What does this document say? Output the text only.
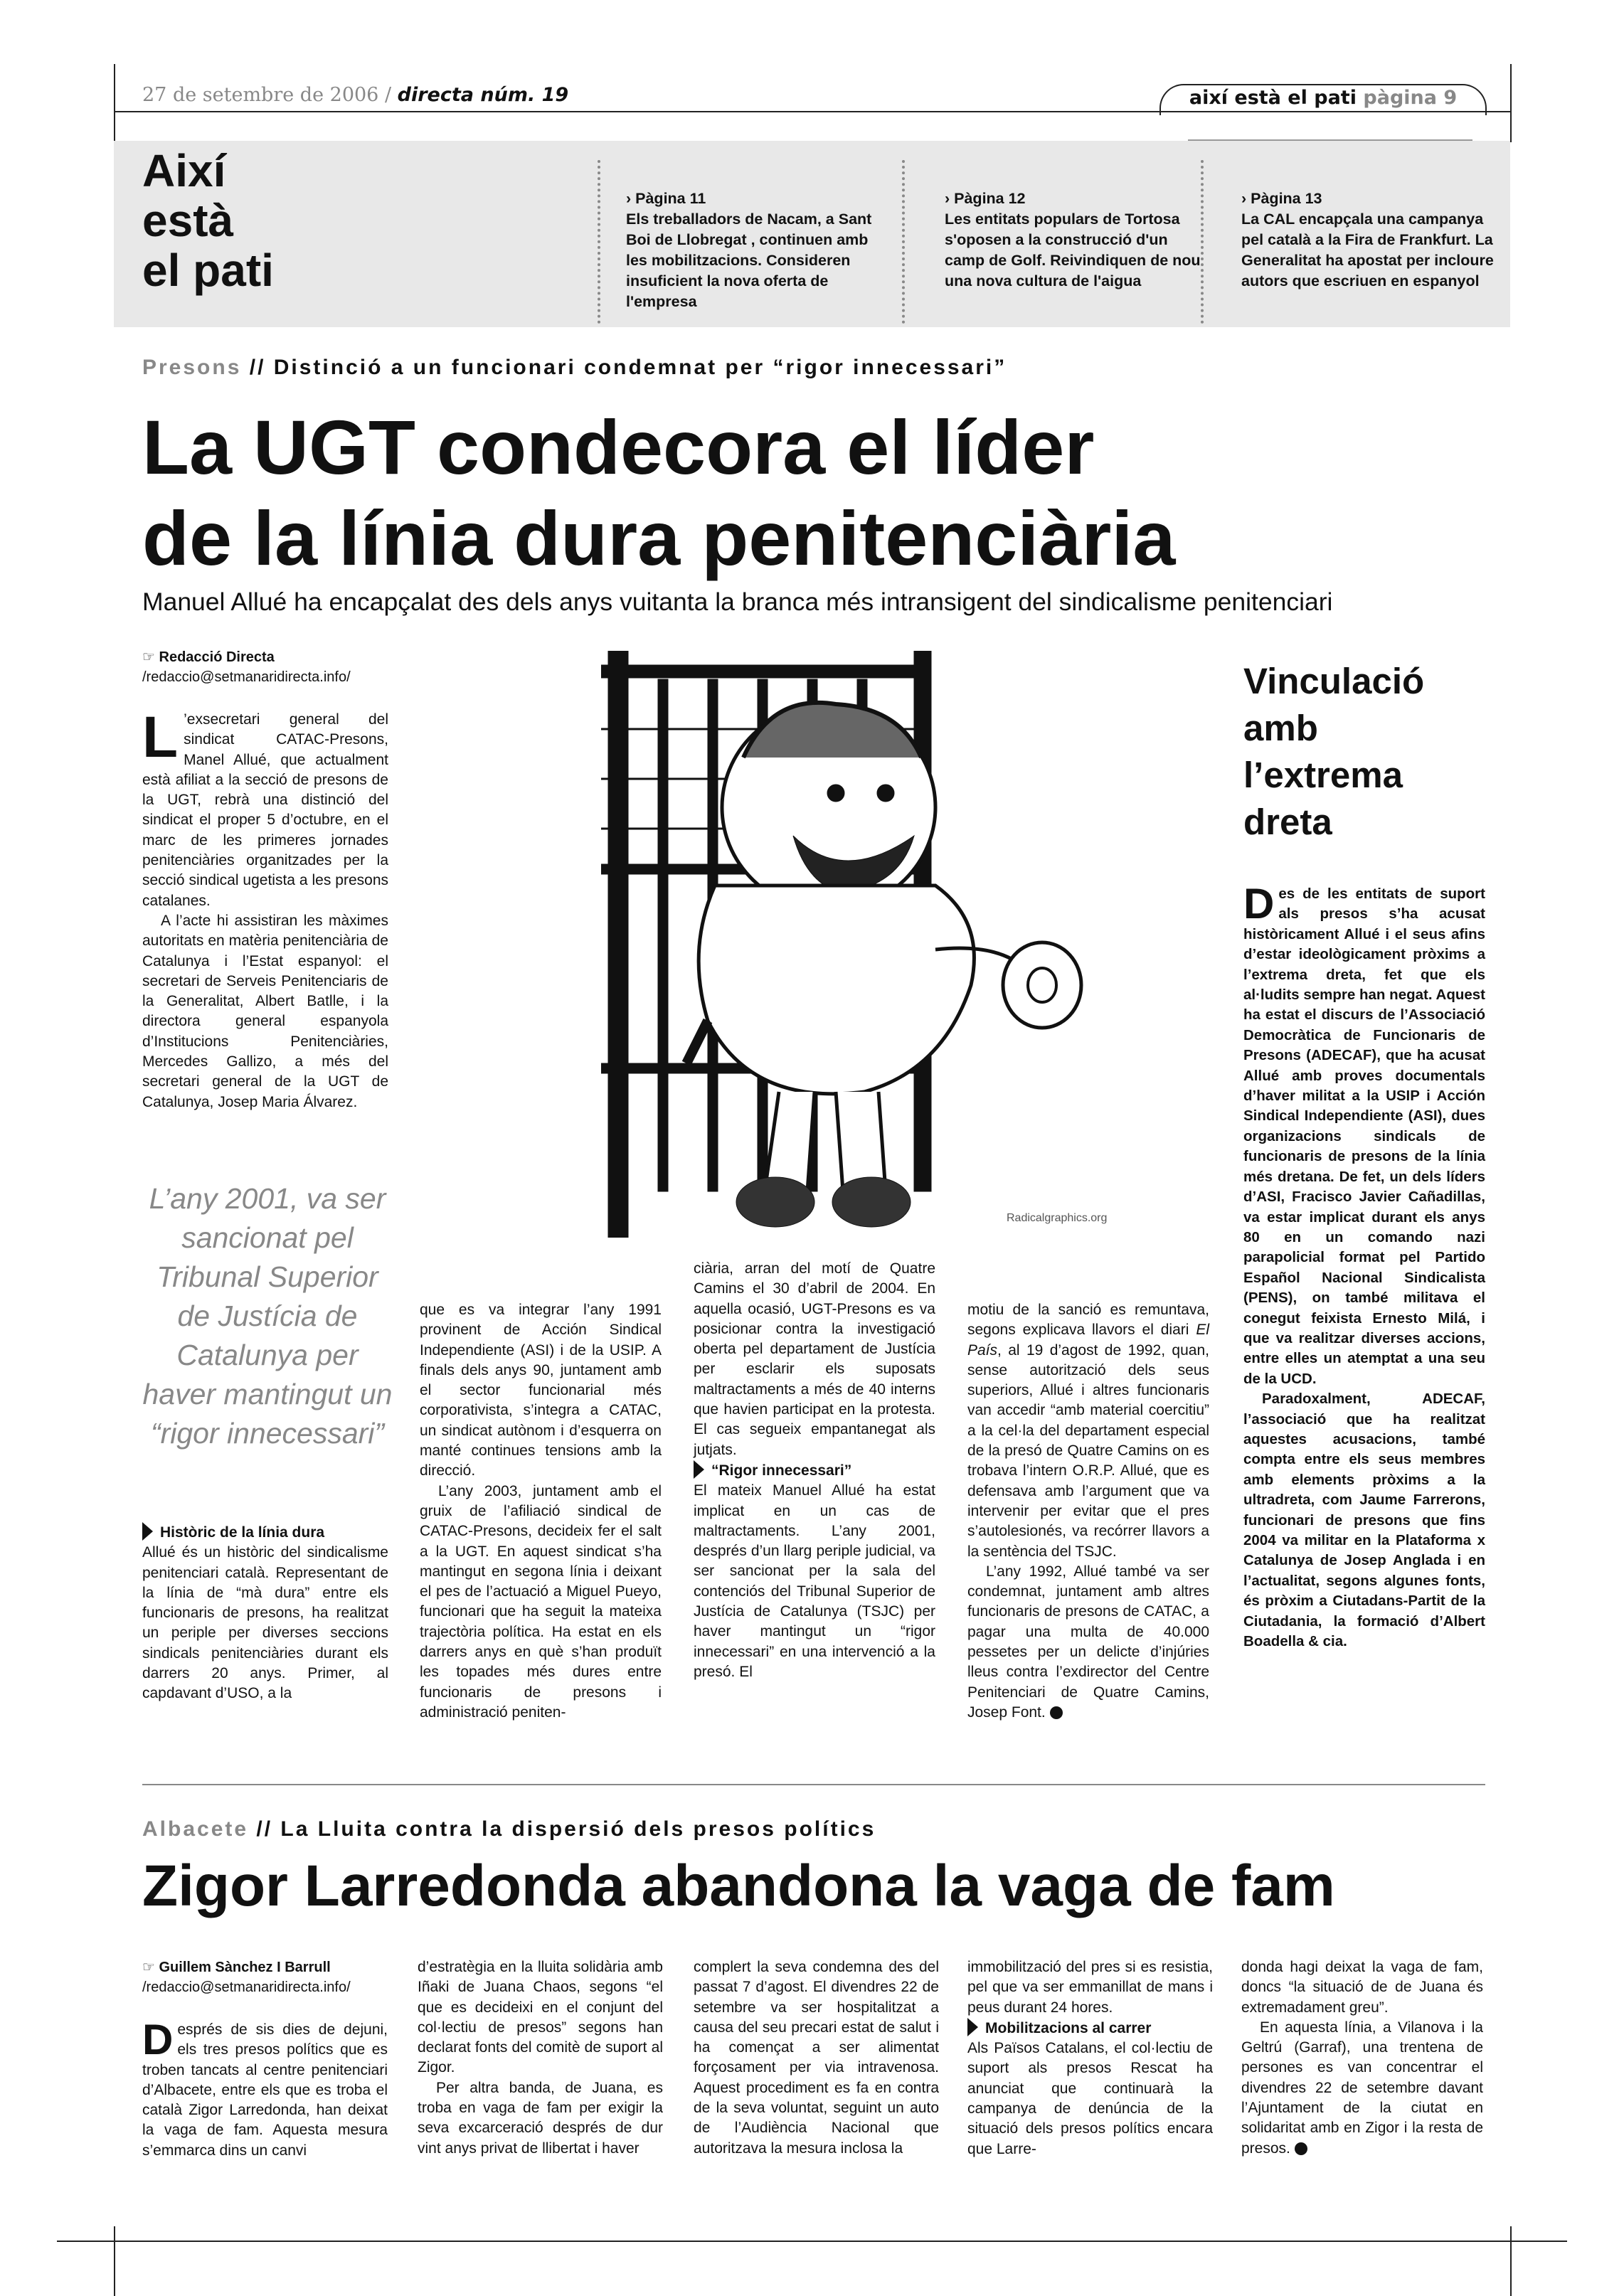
27 de setembre de 2006 / directa núm. 19	així està el pati pàgina 9
Així
està
el pati
› Pàgina 11
Els treballadors de Nacam, a Sant Boi de Llobregat , continuen amb les mobilitzacions. Consideren insuficient la nova oferta de l'empresa
› Pàgina 12
Les entitats populars de Tortosa s'oposen a la construcció d'un camp de Golf. Reivindiquen de nou una nova cultura de l'aigua
› Pàgina 13
La CAL encapçala una campanya pel català a la Fira de Frankfurt. La Generalitat ha apostat per incloure autors que escriuen en espanyol
Presons // Distinció a un funcionari condemnat per “rigor innecessari”
La UGT condecora el líder
de la línia dura penitenciària
Manuel Allué ha encapçalat des dels anys vuitanta la branca més intransigent del sindicalisme penitenciari
☞ Redacció Directa
/redaccio@setmanaridirecta.info/

L ’exsecretari general del sindicat CATAC-Presons, Manel Allué, que actualment està afiliat a la secció de presons de la UGT, rebrà una distinció del sindicat el proper 5 d’octubre, en el marc de les primeres jornades penitenciàries organitzades per la secció sindical ugetista a les presons catalanes.

A l’acte hi assistiran les màximes autoritats en matèria penitenciària de Catalunya i l’Estat espanyol: el secretari de Serveis Penitenciaris de la Generalitat, Albert Batlle, i la directora general espanyola d’Institucions Penitenciàries, Mercedes Gallizo, a més del secretari general de la UGT de Catalunya, Josep Maria Álvarez.

L’any 2001, va ser sancionat pel Tribunal Superior de Justícia de Catalunya per haver mantingut un “rigor innecessari”

Històric de la línia dura

Allué és un històric del sindicalisme penitenciari català. Representant de la línia de “mà dura” entre els funcionaris de presons, ha realitzat un periple per diverses seccions sindicals penitenciàries durant els darrers 20 anys. Primer, al capdavant d’USO, a la

Radicalgraphics.org

que es va integrar l’any 1991 provinent de Acción Sindical Independiente (ASI) i de la USIP. A finals dels anys 90, juntament amb el sector funcionarial més corporativista, s’integra a CATAC, un sindicat autònom i d’esquerra on manté continues tensions amb la direcció.

L’any 2003, juntament amb el gruix de l’afiliació sindical de CATAC-Presons, decideix fer el salt a la UGT. En aquest sindicat s’ha mantingut en segona línia i deixant el pes de l’actuació a Miguel Pueyo, funcionari que ha seguit la mateixa trajectòria política. Ha estat en els darrers anys en què s’han produït les topades més dures entre funcionaris de presons i administració peniten-

ciària, arran del motí de Quatre Camins el 30 d’abril de 2004. En aquella ocasió, UGT-Presons es va posicionar contra la investigació oberta pel departament de Justícia per esclarir els suposats maltractaments a més de 40 interns que havien participat en la protesta. El cas segueix empantanegat als jutjats.

“Rigor innecessari”

El mateix Manuel Allué ha estat implicat en un cas de maltractaments. L’any 2001, després d’un llarg periple judicial, va ser sancionat per la sala del contenciós del Tribunal Superior de Justícia de Catalunya (TSJC) per haver mantingut un “rigor innecessari” en una intervenció a la presó. El

motiu de la sanció es remuntava, segons explicava llavors el diari El País, al 19 d’agost de 1992, quan, sense autorització dels seus superiors, Allué i altres funcionaris van accedir “amb material coercitiu” a la cel·la del departament especial de la presó de Quatre Camins on es trobava l’intern O.R.P. Allué, que es defensava amb l’argument que va intervenir per evitar que el pres s’autolesionés, va recórrer llavors a la sentència del TSJC.

L’any 1992, Allué també va ser condemnat, juntament amb altres funcionaris de presons de CATAC, a pagar una multa de 40.000 pessetes per un delicte d’injúries lleus contra l’exdirector del Centre Penitenciari de Quatre Camins, Josep Font.

Vinculació
amb
l’extrema
dreta

Des de les entitats de suport als presos s’ha acusat històricament Allué i el seus afins d’estar ideològicament pròxims a l’extrema dreta, fet que els al·ludits sempre han negat. Aquest ha estat el discurs de l’Associació Democràtica de Funcionaris de Presons (ADECAF), que ha acusat Allué amb proves documentals d’haver militat a la USIP i Acción Sindical Independiente (ASI), dues organizacions sindicals de funcionaris de presons de la línia més dretana. De fet, un dels líders d’ASI, Fracisco Javier Cañadillas, va estar implicat durant els anys 80 en un comando nazi parapolicial format pel Partido Español Nacional Sindicalista (PENS), on també militava el conegut feixista Ernesto Milá, i que va realitzar diverses accions, entre elles un atemptat a una seu de la UCD.

Paradoxalment, ADECAF, l’associació que ha realitzat aquestes acusacions, també compta entre els seus membres amb elements pròxims a la ultradreta, com Jaume Farrerons, funcionari de presons que fins 2004 va militar en la Plataforma x Catalunya de Josep Anglada i en l’actualitat, segons algunes fonts, és pròxim a Ciutadans-Partit de la Ciutadania, la formació d’Albert Boadella & cia.

Albacete // La Lluita contra la dispersió dels presos polítics
Zigor Larredonda abandona la vaga de fam
☞ Guillem Sànchez I Barrull
/redaccio@setmanaridirecta.info/

Després de sis dies de dejuni, els tres presos polítics que es troben tancats al centre penitenciari d’Albacete, entre els que es troba el català Zigor Larredonda, han deixat la vaga de fam. Aquesta mesura s’emmarca dins un canvi

d’estratègia en la lluita solidària amb Iñaki de Juana Chaos, segons “el que es decideixi en el conjunt del col·lectiu de presos” segons han declarat fonts del comitè de suport al Zigor.

Per altra banda, de Juana, es troba en vaga de fam per exigir la seva excarceració després de dur vint anys privat de llibertat i haver

complert la seva condemna des del passat 7 d’agost. El divendres 22 de setembre va ser hospitalitzat a causa del seu precari estat de salut i ha començat a ser alimentat forçosament per via intravenosa. Aquest procediment es fa en contra de la seva voluntat, seguint un auto de l’Audiència Nacional que autoritzava la mesura inclosa la

immobilització del pres si es resistia, pel que va ser emmanillat de mans i peus durant 24 hores.

Mobilitzacions al carrer

Als Països Catalans, el col·lectiu de suport als presos Rescat ha anunciat que continuarà la campanya de denúncia de la situació dels presos polítics encara que Larre-

donda hagi deixat la vaga de fam, doncs “la situació de de Juana és extremadament greu”.

En aquesta línia, a Vilanova i la Geltrú (Garraf), una trentena de persones es van concentrar el divendres 22 de setembre davant l’Ajuntament de la ciutat en solidaritat amb en Zigor i la resta de presos.
